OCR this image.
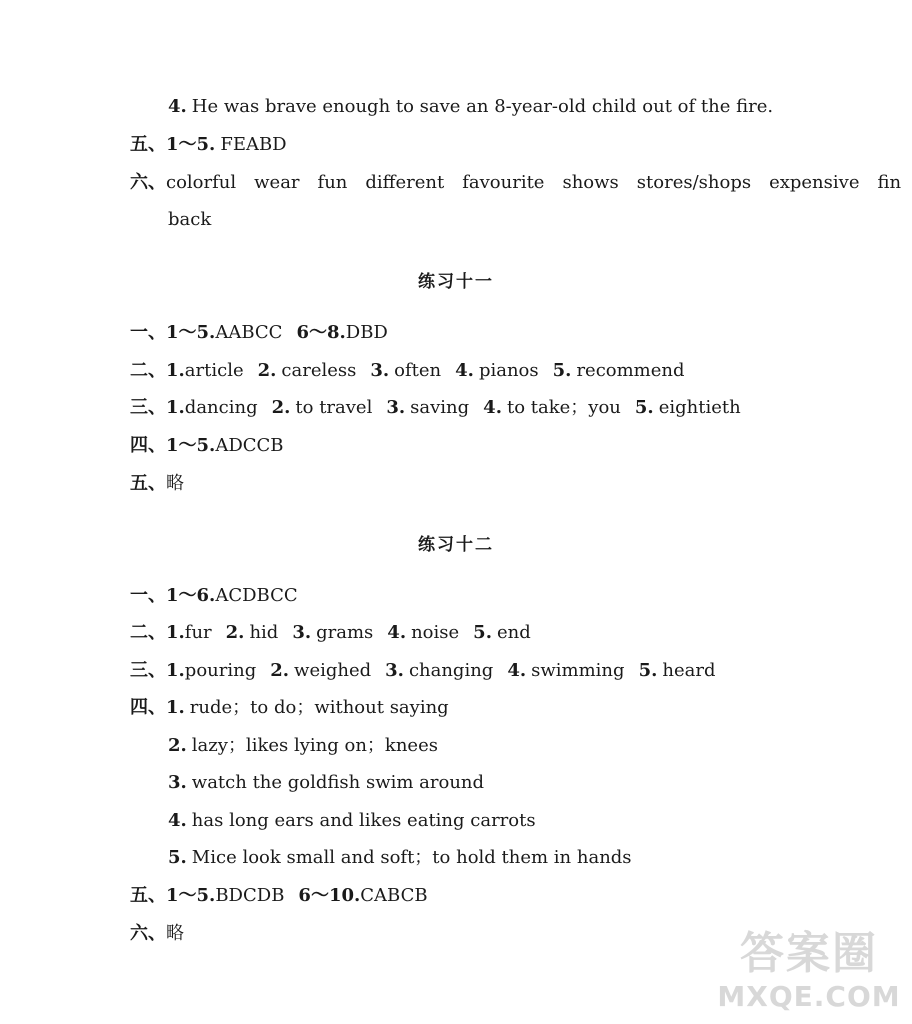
4. He was brave enough to save an 8-year-old child out of the fire.
五、1～5. FEABD
六、colorful wear fun different favourite shows stores/shops expensive fin
back
练习十一
一、1～5.AABCC 6～8.DBD
二、1.article 2. careless 3. often 4. pianos 5. recommend
三、1.dancing 2. to travel 3. saving 4. to take；you 5. eightieth
四、1～5.ADCCB
五、略
练习十二
一、1～6.ACDBCC
二、1.fur 2. hid 3. grams 4. noise 5. end
三、1.pouring 2. weighed 3. changing 4. swimming 5. heard
四、1. rude；to do；without saying
2. lazy；likes lying on；knees
3. watch the goldfish swim around
4. has long ears and likes eating carrots
5. Mice look small and soft；to hold them in hands
五、1～5.BDCDB 6～10.CABCB
六、略	答案圈
MXQE.COM
